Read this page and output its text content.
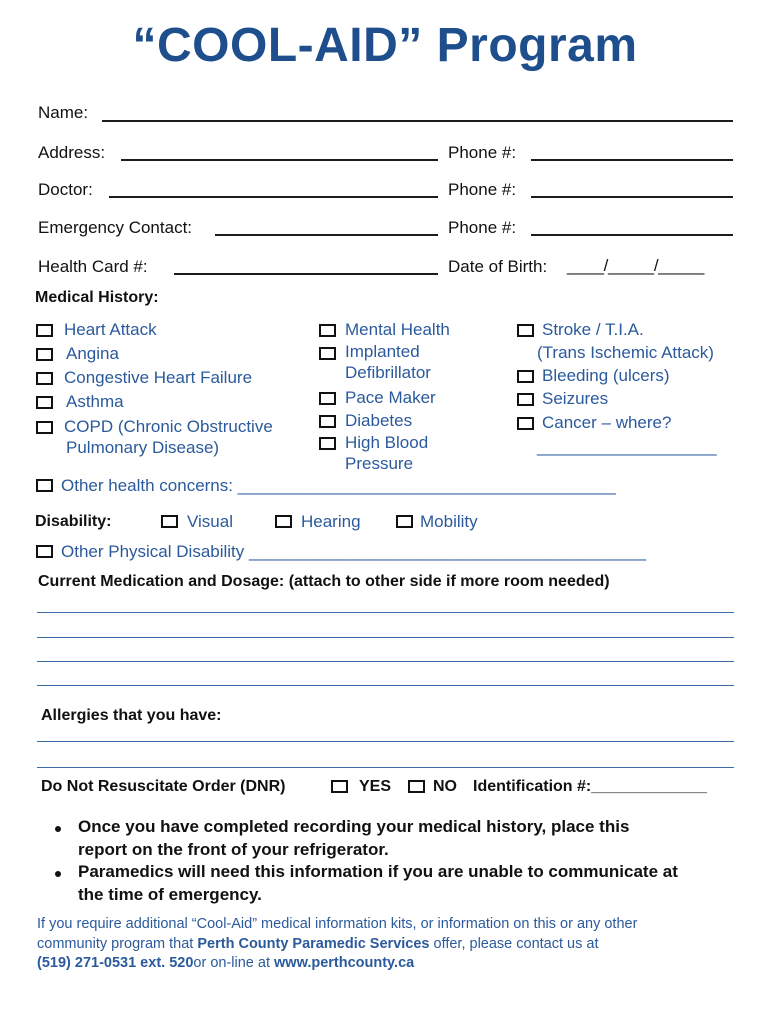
“COOL-AID” Program
Name:
Address:	Phone #:
Doctor:	Phone #:
Emergency Contact:	Phone #:
Health Card #:	Date of Birth: ____/_____/_____
Medical History:
Heart Attack
Angina
Congestive Heart Failure
Asthma
COPD (Chronic Obstructive
Pulmonary Disease)
Mental Health
Implanted
Defibrillator
Pace Maker
Diabetes
High Blood
Pressure
Stroke / T.I.A.
(Trans Ischemic Attack)
Bleeding (ulcers)
Seizures
Cancer – where?
___________________
Other health concerns: ________________________________________
Disability:	Visual	Hearing	Mobility
Other Physical Disability __________________________________________
Current Medication and Dosage: (attach to other side if more room needed)
Allergies that you have:
Do Not Resuscitate Order (DNR)	YES	NO Identification #:_____________
Once you have completed recording your medical history, place this
report on the front of your refrigerator.
Paramedics will need this information if you are unable to communicate at
the time of emergency.
If you require additional “Cool-Aid” medical information kits, or information on this or any other
community program that Perth County Paramedic Services offer, please contact us at
(519) 271-0531 ext. 520or on-line at www.perthcounty.ca
